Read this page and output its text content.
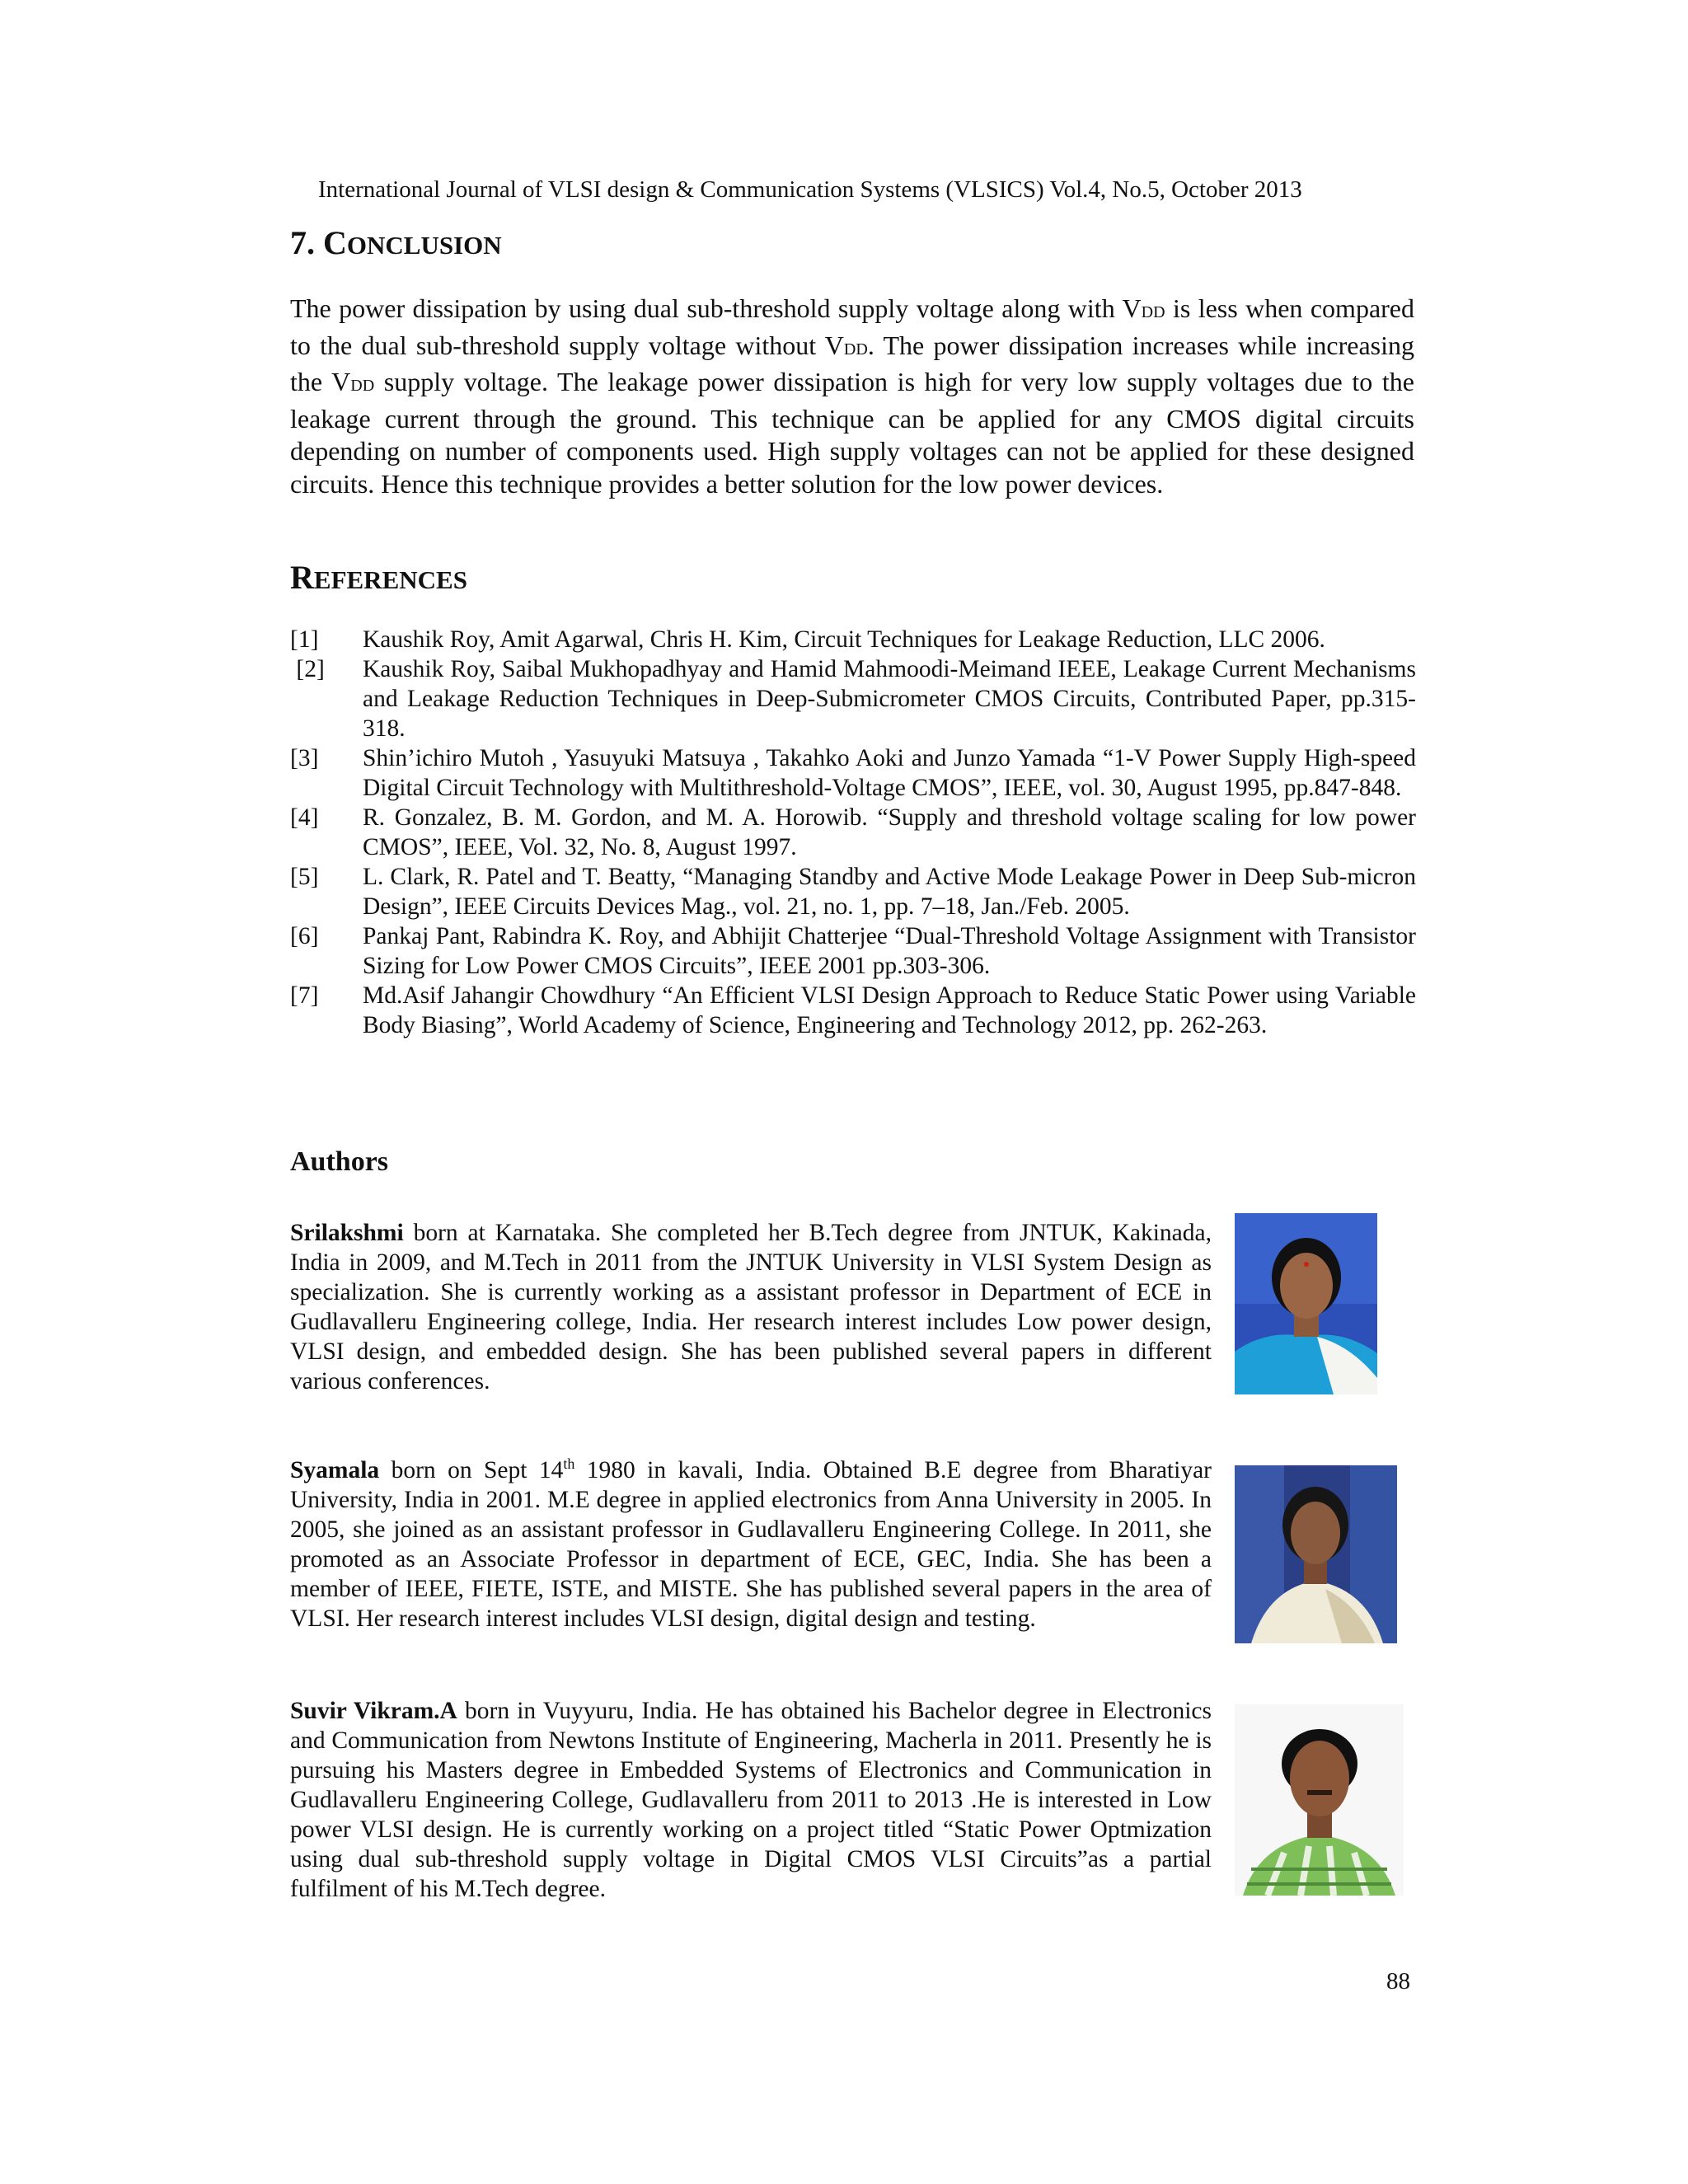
International Journal of VLSI design & Communication Systems (VLSICS) Vol.4, No.5, October 2013
7. CONCLUSION
The power dissipation by using dual sub-threshold supply voltage along with VDD is less when compared to the dual sub-threshold supply voltage without VDD. The power dissipation increases while increasing the VDD supply voltage. The leakage power dissipation is high for very low supply voltages due to the leakage current through the ground. This technique can be applied for any CMOS digital circuits depending on number of components used. High supply voltages can not be applied for these designed circuits. Hence this technique provides a better solution for the low power devices.
REFERENCES
[1]	Kaushik Roy, Amit Agarwal, Chris H. Kim, Circuit Techniques for Leakage Reduction, LLC 2006.
[2]	Kaushik Roy, Saibal Mukhopadhyay and Hamid Mahmoodi-Meimand IEEE, Leakage Current Mechanisms and Leakage Reduction Techniques in Deep-Submicrometer CMOS Circuits, Contributed Paper, pp.315-318.
[3]	Shin’ichiro Mutoh , Yasuyuki Matsuya , Takahko Aoki and Junzo Yamada “1-V Power Supply High-speed Digital Circuit Technology with Multithreshold-Voltage CMOS”, IEEE, vol. 30, August 1995, pp.847-848.
[4]	R. Gonzalez, B. M. Gordon, and M. A. Horowib. “Supply and threshold voltage scaling for low power CMOS”, IEEE, Vol. 32, No. 8, August 1997.
[5]	L. Clark, R. Patel and T. Beatty, “Managing Standby and Active Mode Leakage Power in Deep Sub-micron Design”, IEEE Circuits Devices Mag., vol. 21, no. 1, pp. 7–18, Jan./Feb. 2005.
[6]	Pankaj Pant, Rabindra K. Roy, and Abhijit Chatterjee “Dual-Threshold Voltage Assignment with Transistor Sizing for Low Power CMOS Circuits”, IEEE 2001 pp.303-306.
[7]	Md.Asif Jahangir Chowdhury “An Efficient VLSI Design Approach to Reduce Static Power using Variable Body Biasing”, World Academy of Science, Engineering and Technology 2012, pp. 262-263.
Authors
Srilakshmi born at Karnataka. She completed her B.Tech degree from JNTUK, Kakinada, India in 2009, and M.Tech in 2011 from the JNTUK University in VLSI System Design as specialization. She is currently working as a assistant professor in Department of ECE in Gudlavalleru Engineering college, India. Her research interest includes Low power design, VLSI design, and embedded design. She has been published several papers in different various conferences.
Syamala born on Sept 14th 1980 in kavali, India. Obtained B.E degree from Bharatiyar University, India in 2001. M.E degree in applied electronics from Anna University in 2005. In 2005, she joined as an assistant professor in Gudlavalleru Engineering College. In 2011, she promoted as an Associate Professor in department of ECE, GEC, India. She has been a member of IEEE, FIETE, ISTE, and MISTE. She has published several papers in the area of VLSI. Her research interest includes VLSI design, digital design and testing.
Suvir Vikram.A born in Vuyyuru, India. He has obtained his Bachelor degree in Electronics and Communication from Newtons Institute of Engineering, Macherla in 2011. Presently he is pursuing his Masters degree in Embedded Systems of Electronics and Communication in Gudlavalleru Engineering College, Gudlavalleru from 2011 to 2013 .He is interested in Low power VLSI design. He is currently working on a project titled “Static Power Optmization using dual sub-threshold supply voltage in Digital CMOS VLSI Circuits”as a partial fulfilment of his M.Tech degree.
88
